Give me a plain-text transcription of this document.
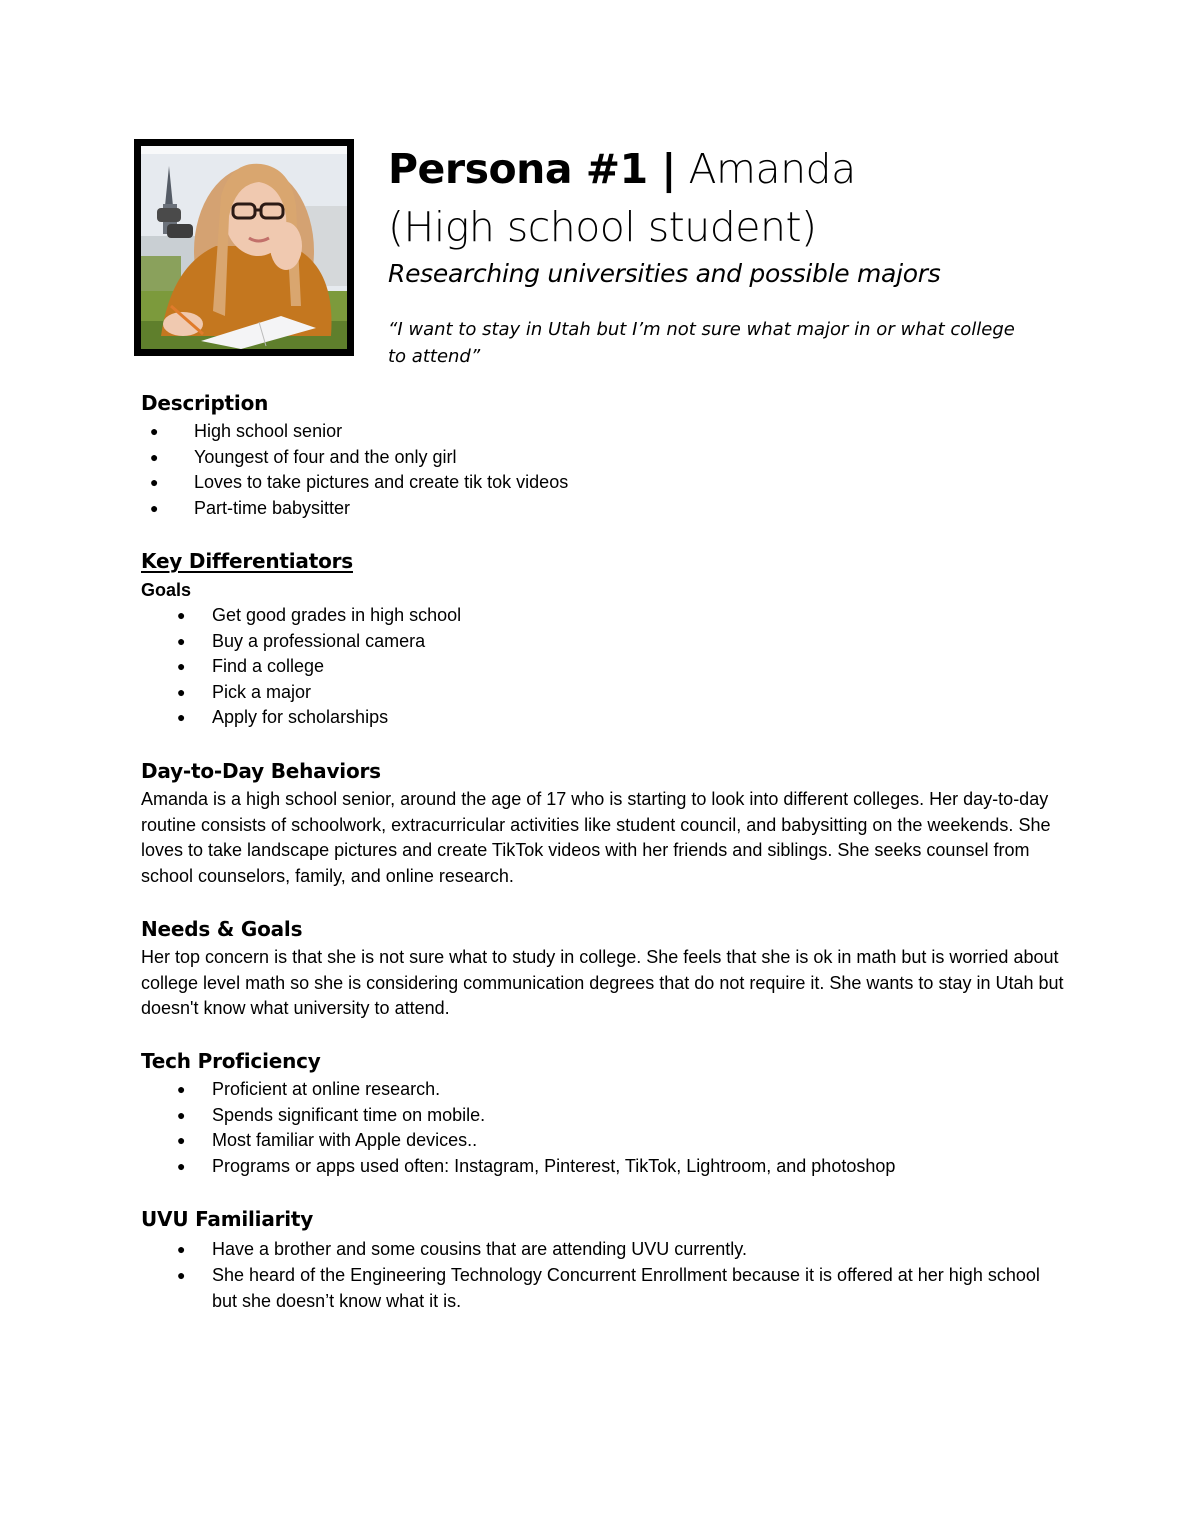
Persona #1 | Amanda
(High school student)
Researching universities and possible majors
“I want to stay in Utah but I’m not sure what major in or what college to attend”
Description
● High school senior
● Youngest of four and the only girl
● Loves to take pictures and create tik tok videos
● Part-time babysitter
Key Differentiators
Goals
● Get good grades in high school
● Buy a professional camera
● Find a college
● Pick a major
● Apply for scholarships
Day-to-Day Behaviors
Amanda is a high school senior, around the age of 17 who is starting to look into different colleges. Her day-to-day routine consists of schoolwork, extracurricular activities like student council, and babysitting on the weekends. She loves to take landscape pictures and create TikTok videos with her friends and siblings. She seeks counsel from school counselors, family, and online research.
Needs & Goals
Her top concern is that she is not sure what to study in college. She feels that she is ok in math but is worried about college level math so she is considering communication degrees that do not require it. She wants to stay in Utah but doesn't know what university to attend.
Tech Proficiency
● Proficient at online research.
● Spends significant time on mobile.
● Most familiar with Apple devices..
● Programs or apps used often: Instagram, Pinterest, TikTok, Lightroom, and photoshop
UVU Familiarity
● Have a brother and some cousins that are attending UVU currently.
● She heard of the Engineering Technology Concurrent Enrollment because it is offered at her high school but she doesn’t know what it is.
